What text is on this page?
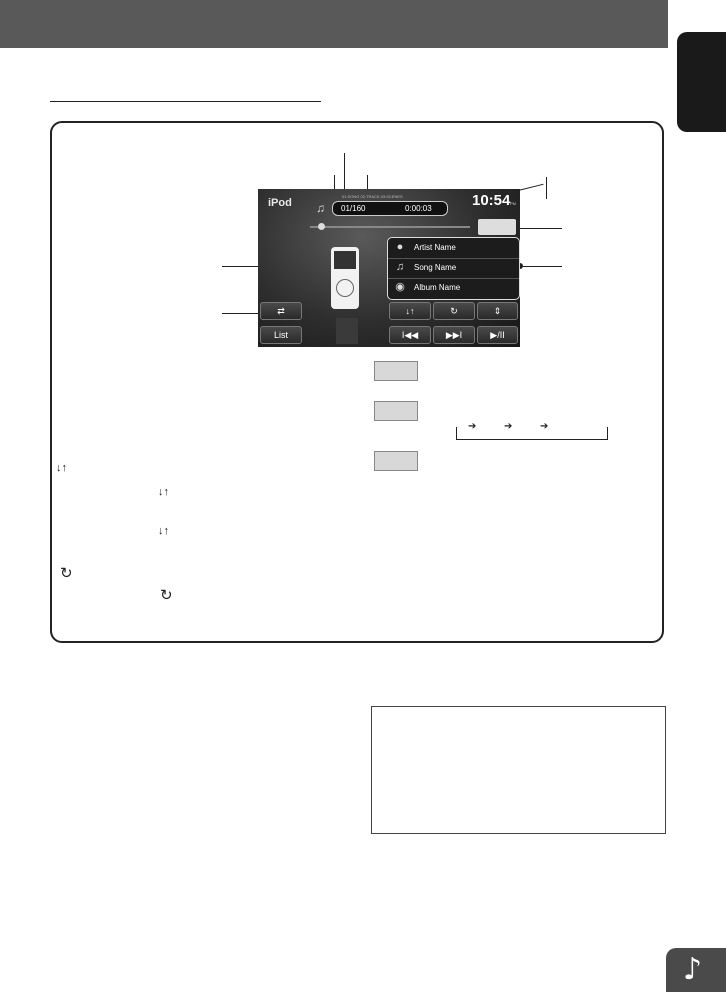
♪
iPod
01:SONG 02:TRACK 03:SCENES	10:54 PM
♫ 01/160	0:00:03
●	Artist Name
♫ Song Name
◉ Album Name
⇄
List
↓↑	↻	⇕
I◀◀	▶▶I	▶/II
➔	➔	➔
↓↑
↓↑
↓↑
↻
↻
